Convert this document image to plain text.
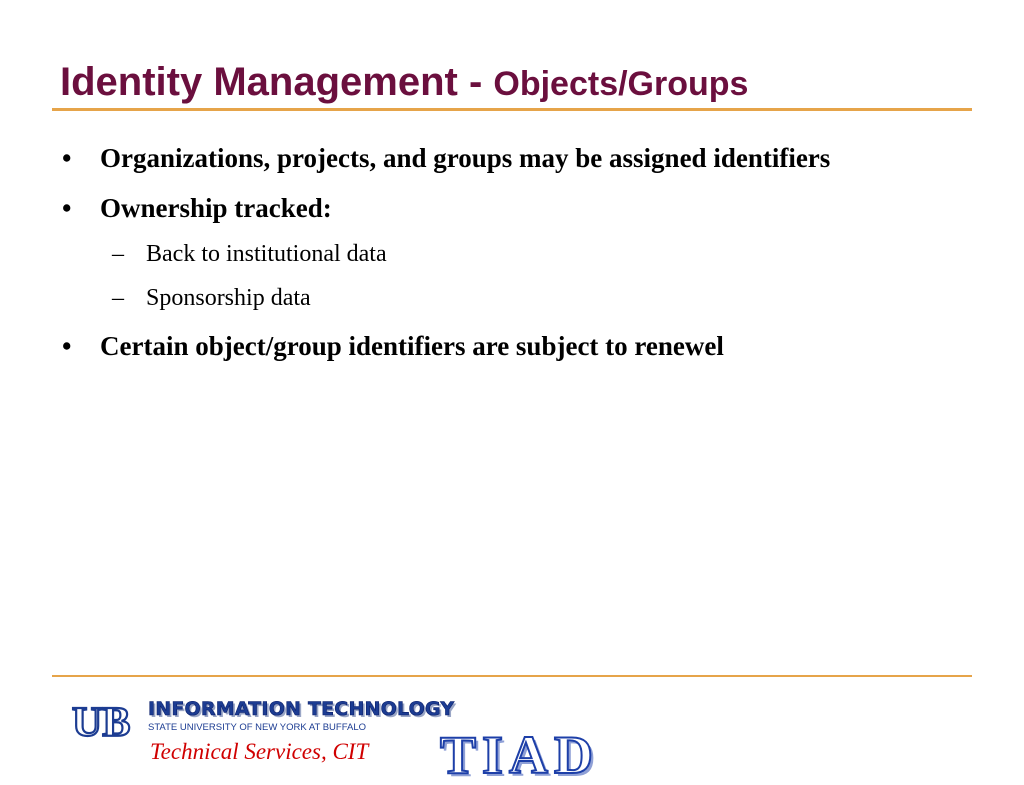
Identity Management - Objects/Groups
• Organizations, projects, and groups may be assigned identifiers
• Ownership tracked:
– Back to institutional data
– Sponsorship data
• Certain object/group identifiers are subject to renewel
UB INFORMATION TECHNOLOGY
STATE UNIVERSITY OF NEW YORK AT BUFFALO
Technical Services, CIT TIAD
